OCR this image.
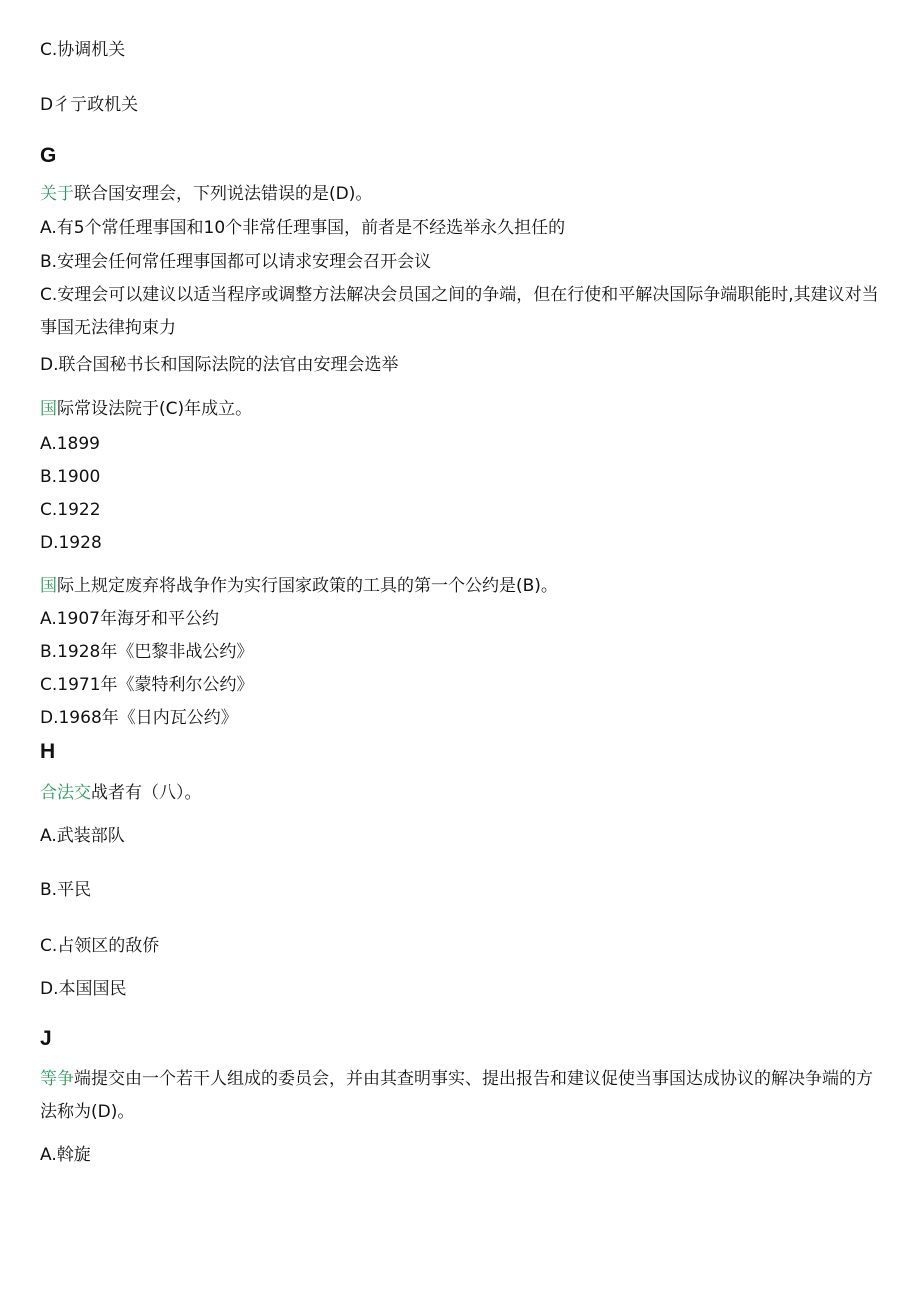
C.协调机关
D彳亍政机关
G
关于联合国安理会，下列说法错误的是(D)。
A.有5个常任理事国和10个非常任理事国，前者是不经选举永久担任的
B.安理会任何常任理事国都可以请求安理会召开会议
C.安理会可以建议以适当程序或调整方法解决会员国之间的争端，但在行使和平解决国际争端职能时,其建议对当事国无法律拘束力
D.联合国秘书长和国际法院的法官由安理会选举
国际常设法院于(C)年成立。
A.1899
B.1900
C.1922
D.1928
国际上规定废弃将战争作为实行国家政策的工具的第一个公约是(B)。
A.1907年海牙和平公约
B.1928年《巴黎非战公约》
C.1971年《蒙特利尔公约》
D.1968年《日内瓦公约》
H
合法交战者有（八）。
A.武装部队
B.平民
C.占领区的敌侨
D.本国国民
J
等争端提交由一个若干人组成的委员会，并由其查明事实、提出报告和建议促使当事国达成协议的解决争端的方法称为(D)。
A.斡旋
